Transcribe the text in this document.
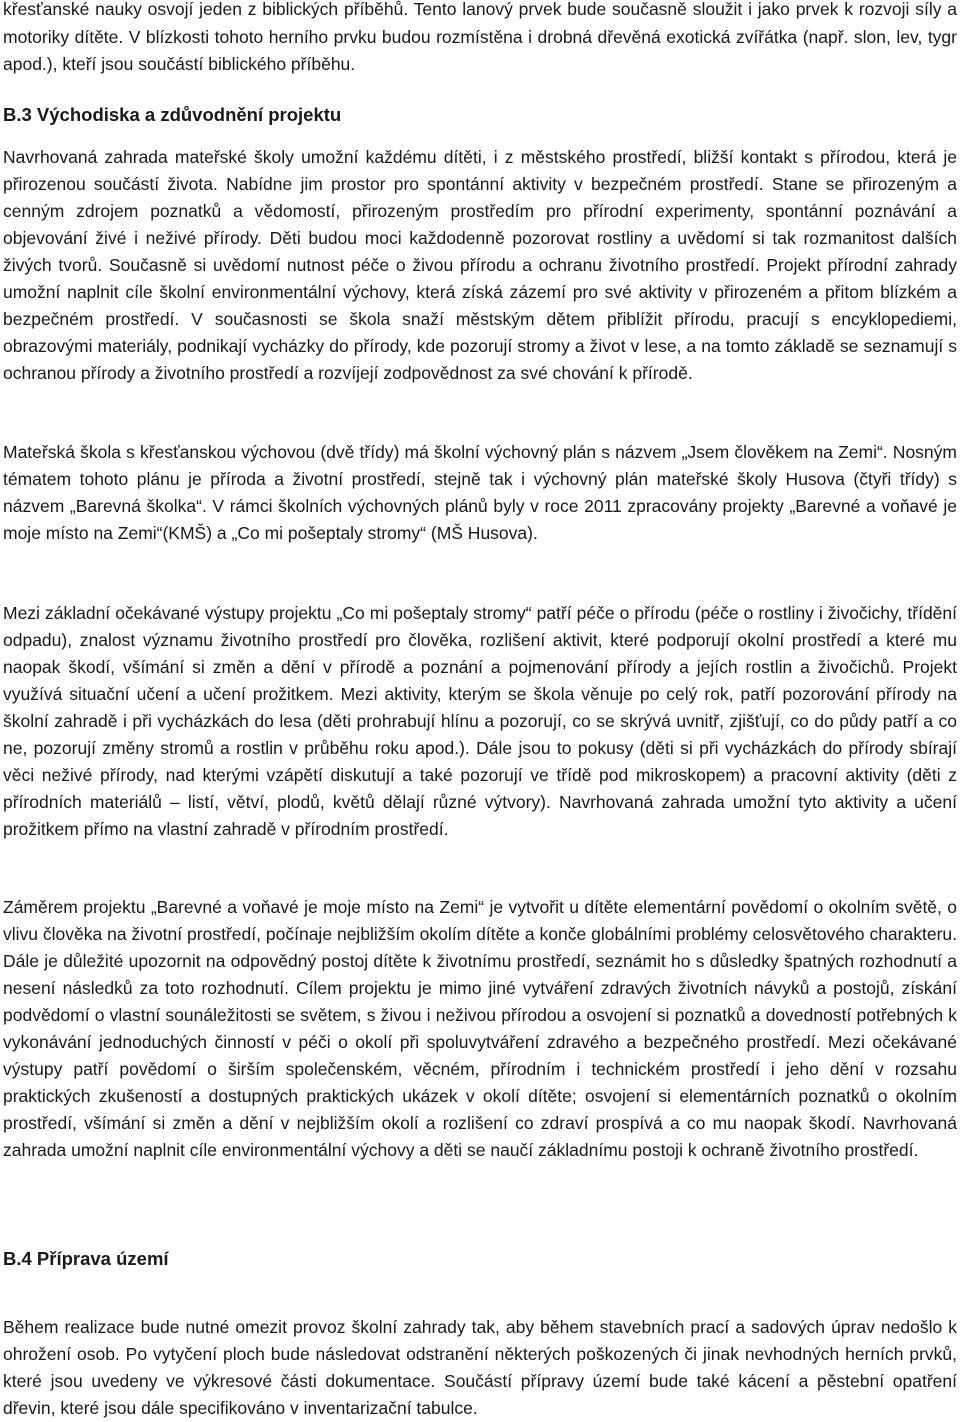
křesťanské nauky osvojí jeden z biblických příběhů. Tento lanový prvek bude současně sloužit i jako prvek k rozvoji síly a motoriky dítěte. V blízkosti tohoto herního prvku budou rozmístěna i drobná dřevěná exotická zvířátka (např. slon, lev, tygr apod.), kteří jsou součástí biblického příběhu.

B.3 Východiska a zdůvodnění projektu

Navrhovaná zahrada mateřské školy umožní každému dítěti, i z městského prostředí, bližší kontakt s přírodou, která je přirozenou součástí života. Nabídne jim prostor pro spontánní aktivity v bezpečném prostředí. Stane se přirozeným a cenným zdrojem poznatků a vědomostí, přirozeným prostředím pro přírodní experimenty, spontánní poznávání a objevování živé i neživé přírody. Děti budou moci každodenně pozorovat rostliny a uvědomí si tak rozmanitost dalších živých tvorů. Současně si uvědomí nutnost péče o živou přírodu a ochranu životního prostředí. Projekt přírodní zahrady umožní naplnit cíle školní environmentální výchovy, která získá zázemí pro své aktivity v přirozeném a přitom blízkém a bezpečném prostředí. V současnosti se škola snaží městským dětem přiblížit přírodu, pracují s encyklopediemi, obrazovými materiály, podnikají vycházky do přírody, kde pozorují stromy a život v lese, a na tomto základě se seznamují s ochranou přírody a životního prostředí a rozvíjejí zodpovědnost za své chování k přírodě.

Mateřská škola s křesťanskou výchovou (dvě třídy) má školní výchovný plán s názvem „Jsem člověkem na Zemi“. Nosným tématem tohoto plánu je příroda a životní prostředí, stejně tak i výchovný plán mateřské školy Husova (čtyři třídy) s názvem „Barevná školka“. V rámci školních výchovných plánů byly v roce 2011 zpracovány projekty „Barevné a voňavé je moje místo na Zemi“(KMŠ) a „Co mi pošeptaly stromy“ (MŠ Husova).

Mezi základní očekávané výstupy projektu „Co mi pošeptaly stromy“ patří péče o přírodu (péče o rostliny i živočichy, třídění odpadu), znalost významu životního prostředí pro člověka, rozlišení aktivit, které podporují okolní prostředí a které mu naopak škodí, všímání si změn a dění v přírodě a poznání a pojmenování přírody a jejích rostlin a živočichů. Projekt využívá situační učení a učení prožitkem. Mezi aktivity, kterým se škola věnuje po celý rok, patří pozorování přírody na školní zahradě i při vycházkách do lesa (děti prohrabují hlínu a pozorují, co se skrývá uvnitř, zjišťují, co do půdy patří a co ne, pozorují změny stromů a rostlin v průběhu roku apod.). Dále jsou to pokusy (děti si při vycházkách do přírody sbírají věci neživé přírody, nad kterými vzápětí diskutují a také pozorují ve třídě pod mikroskopem) a pracovní aktivity (děti z přírodních materiálů – listí, větví, plodů, květů dělají různé výtvory). Navrhovaná zahrada umožní tyto aktivity a učení prožitkem přímo na vlastní zahradě v přírodním prostředí.

Záměrem projektu „Barevné a voňavé je moje místo na Zemi“ je vytvořit u dítěte elementární povědomí o okolním světě, o vlivu člověka na životní prostředí, počínaje nejbližším okolím dítěte a konče globálními problémy celosvětového charakteru. Dále je důležité upozornit na odpovědný postoj dítěte k životnímu prostředí, seznámit ho s důsledky špatných rozhodnutí a nesení následků za toto rozhodnutí. Cílem projektu je mimo jiné vytváření zdravých životních návyků a postojů, získání podvědomí o vlastní sounáležitosti se světem, s živou i neživou přírodou a osvojení si poznatků a dovedností potřebných k vykonávání jednoduchých činností v péči o okolí při spoluvytváření zdravého a bezpečného prostředí. Mezi očekávané výstupy patří povědomí o širším společenském, věcném, přírodním i technickém prostředí i jeho dění v rozsahu praktických zkušeností a dostupných praktických ukázek v okolí dítěte; osvojení si elementárních poznatků o okolním prostředí, všímání si změn a dění v nejbližším okolí a rozlišení co zdraví prospívá a co mu naopak škodí. Navrhovaná zahrada umožní naplnit cíle environmentální výchovy a děti se naučí základnímu postoji k ochraně životního prostředí.

B.4 Příprava území

Během realizace bude nutné omezit provoz školní zahrady tak, aby během stavebních prací a sadových úprav nedošlo k ohrožení osob. Po vytyčení ploch bude následovat odstranění některých poškozených či jinak nevhodných herních prvků, které jsou uvedeny ve výkresové části dokumentace. Součástí přípravy území bude také kácení a pěstební opatření dřevin, které jsou dále specifikováno v inventarizační tabulce.
